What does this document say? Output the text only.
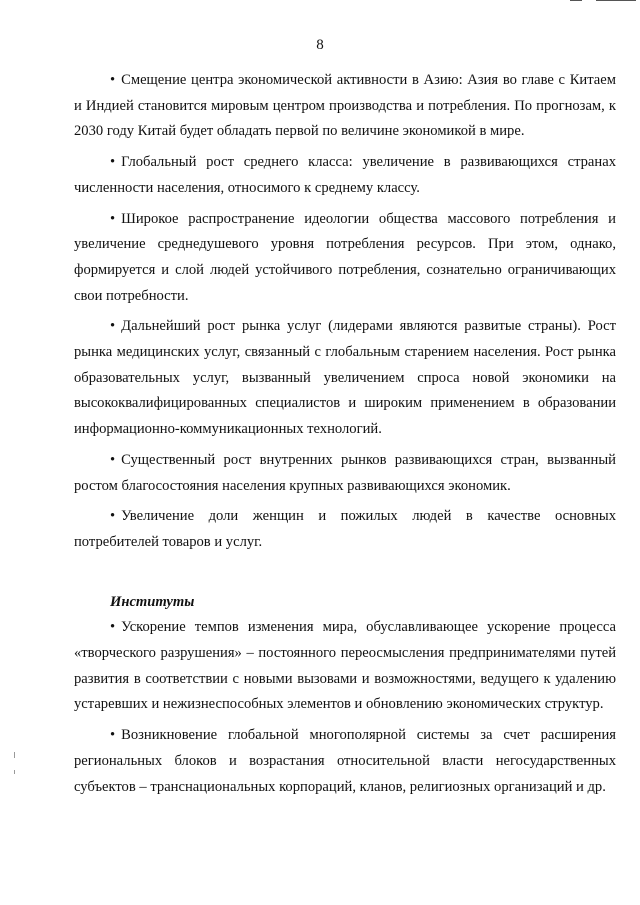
8

• Смещение центра экономической активности в Азию: Азия во главе с Китаем и Индией становится мировым центром производства и потребления. По прогнозам, к 2030 году Китай будет обладать первой по величине экономикой в мире.

• Глобальный рост среднего класса: увеличение в развивающихся странах численности населения, относимого к среднему классу.

• Широкое распространение идеологии общества массового потребления и увеличение среднедушевого уровня потребления ресурсов. При этом, однако, формируется и слой людей устойчивого потребления, сознательно ограничивающих свои потребности.

• Дальнейший рост рынка услуг (лидерами являются развитые страны). Рост рынка медицинских услуг, связанный с глобальным старением населения. Рост рынка образовательных услуг, вызванный увеличением спроса новой экономики на высококвалифицированных специалистов и широким применением в образовании информационно-коммуникационных технологий.

• Существенный рост внутренних рынков развивающихся стран, вызванный ростом благосостояния населения крупных развивающихся экономик.

• Увеличение доли женщин и пожилых людей в качестве основных потребителей товаров и услуг.

Институты

• Ускорение темпов изменения мира, обуславливающее ускорение процесса «творческого разрушения» – постоянного переосмысления предпринимателями путей развития в соответствии с новыми вызовами и возможностями, ведущего к удалению устаревших и нежизнеспособных элементов и обновлению экономических структур.

• Возникновение глобальной многополярной системы за счет расширения региональных блоков и возрастания относительной власти негосударственных субъектов – транснациональных корпораций, кланов, религиозных организаций и др.
